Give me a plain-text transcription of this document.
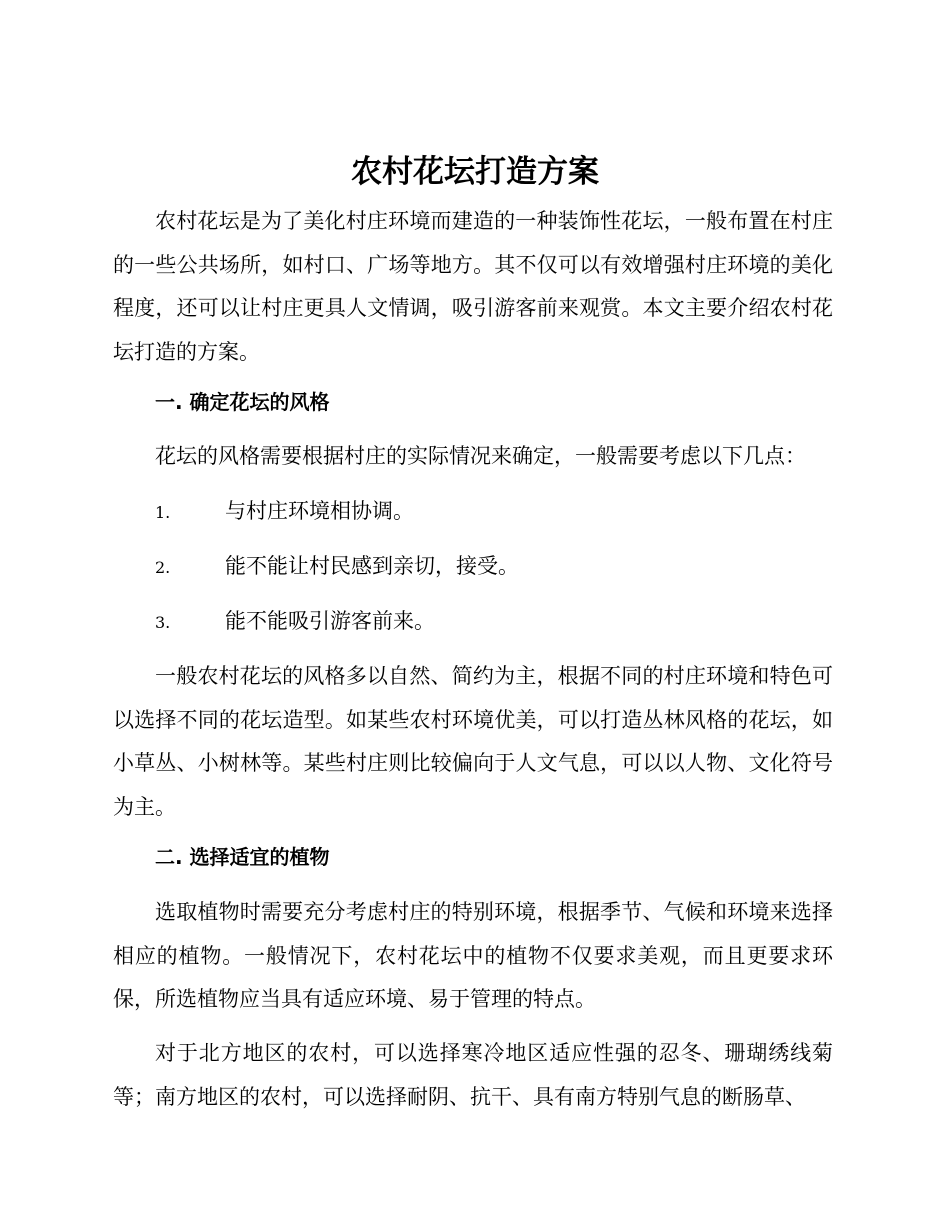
农村花坛打造方案

农村花坛是为了美化村庄环境而建造的一种装饰性花坛，一般布置在村庄的一些公共场所，如村口、广场等地方。其不仅可以有效增强村庄环境的美化程度，还可以让村庄更具人文情调，吸引游客前来观赏。本文主要介绍农村花坛打造的方案。

一. 确定花坛的风格

花坛的风格需要根据村庄的实际情况来确定，一般需要考虑以下几点：

1.	与村庄环境相协调。
2.	能不能让村民感到亲切，接受。
3.	能不能吸引游客前来。

一般农村花坛的风格多以自然、简约为主，根据不同的村庄环境和特色可以选择不同的花坛造型。如某些农村环境优美，可以打造丛林风格的花坛，如小草丛、小树林等。某些村庄则比较偏向于人文气息，可以以人物、文化符号为主。

二. 选择适宜的植物

选取植物时需要充分考虑村庄的特别环境，根据季节、气候和环境来选择相应的植物。一般情况下，农村花坛中的植物不仅要求美观，而且更要求环保，所选植物应当具有适应环境、易于管理的特点。

对于北方地区的农村，可以选择寒冷地区适应性强的忍冬、珊瑚绣线菊等；南方地区的农村，可以选择耐阴、抗干、具有南方特别气息的断肠草、
